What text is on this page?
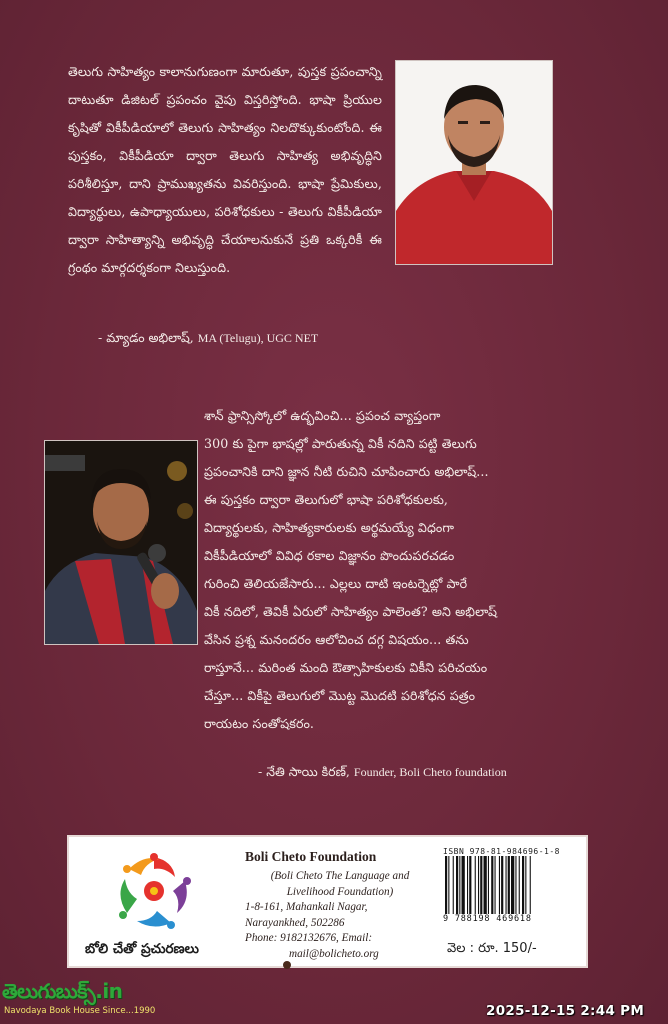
తెలుగు సాహిత్యం కాలానుగుణంగా మారుతూ, పుస్తక ప్రపంచాన్ని దాటుతూ డిజిటల్ ప్రపంచం వైపు విస్తరిస్తోంది. భాషా ప్రియుల కృషితో వికీపీడియాలో తెలుగు సాహిత్యం నిలదొక్కుకుంటోంది. ఈ పుస్తకం, వికీపీడియా ద్వారా తెలుగు సాహిత్య అభివృద్ధిని పరిశీలిస్తూ, దాని ప్రాముఖ్యతను వివరిస్తుంది. భాషా ప్రేమికులు, విద్యార్థులు, ఉపాధ్యాయులు, పరిశోధకులు - తెలుగు వికీపీడియా ద్వారా సాహిత్యాన్ని అభివృద్ధి చేయాలనుకునే ప్రతి ఒక్కరికీ ఈ గ్రంథం మార్గదర్శకంగా నిలుస్తుంది.

- మ్యాడం అభిలాష్, MA (Telugu), UGC NET
శాన్ ఫ్రాన్సిస్కోలో ఉద్భవించి... ప్రపంచ వ్యాప్తంగా
300 కు పైగా భాషల్లో పారుతున్న వికీ నదిని పట్టి తెలుగు
ప్రపంచానికి దాని జ్ఞాన నీటి రుచిని చూపించారు అభిలాష్...
ఈ పుస్తకం ద్వారా తెలుగులో భాషా పరిశోధకులకు,
విద్యార్థులకు, సాహిత్యకారులకు అర్థమయ్యే విధంగా
వికీపీడియాలో వివిధ రకాల విజ్ఞానం పొందుపరచడం
గురించి తెలియజేసారు... ఎల్లలు దాటి ఇంటర్నెట్లో పారే
వికీ నదిలో, తెవికీ ఏరులో సాహిత్యం పాలెంత? అని అభిలాష్
వేసిన ప్రశ్న మనందరం ఆలోచించ దగ్గ విషయం... తను
రాస్తూనే... మరింత మంది ఔత్సాహికులకు వికీని పరిచయం
చేస్తూ... వికీపై తెలుగులో మొట్ట మొదటి పరిశోధన పత్రం
రాయటం సంతోషకరం.
- నేతి సాయి కిరణ్, Founder, Boli Cheto foundation
బోలి చేతో ప్రచురణలు
Boli Cheto Foundation
(Boli Cheto The Language and
Livelihood Foundation)
1-8-161, Mahankali Nagar,
Narayankhed, 502286
Phone: 9182132676, Email:
mail@bolicheto.org
ISBN 978-81-984696-1-8
9 788198 469618
వెల : రూ. 150/-
తెలుగుబుక్స్.in
Navodaya Book House Since...1990	2025-12-15 2:44 PM
